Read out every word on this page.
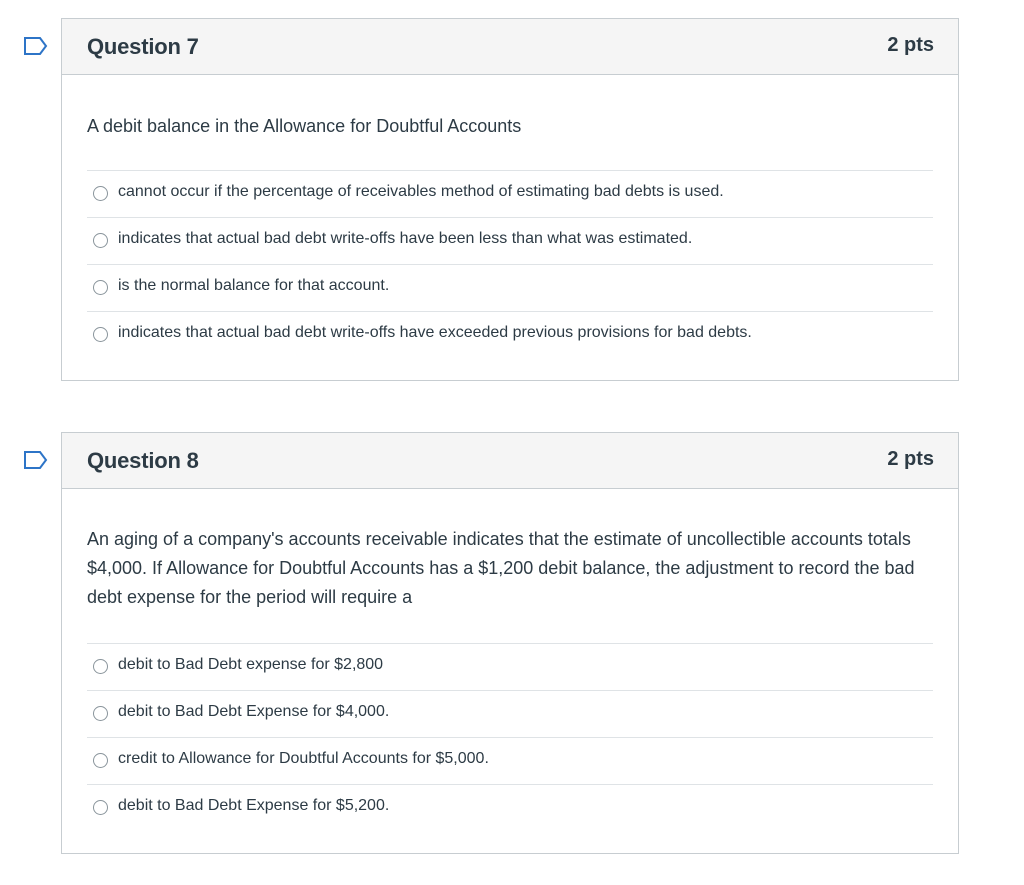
Question 7	2 pts
A debit balance in the Allowance for Doubtful Accounts
cannot occur if the percentage of receivables method of estimating bad debts is used.
indicates that actual bad debt write-offs have been less than what was estimated.
is the normal balance for that account.
indicates that actual bad debt write-offs have exceeded previous provisions for bad debts.
Question 8	2 pts
An aging of a company's accounts receivable indicates that the estimate of uncollectible accounts totals $4,000. If Allowance for Doubtful Accounts has a $1,200 debit balance, the adjustment to record the bad debt expense for the period will require a
debit to Bad Debt expense for $2,800
debit to Bad Debt Expense for $4,000.
credit to Allowance for Doubtful Accounts for $5,000.
debit to Bad Debt Expense for $5,200.
